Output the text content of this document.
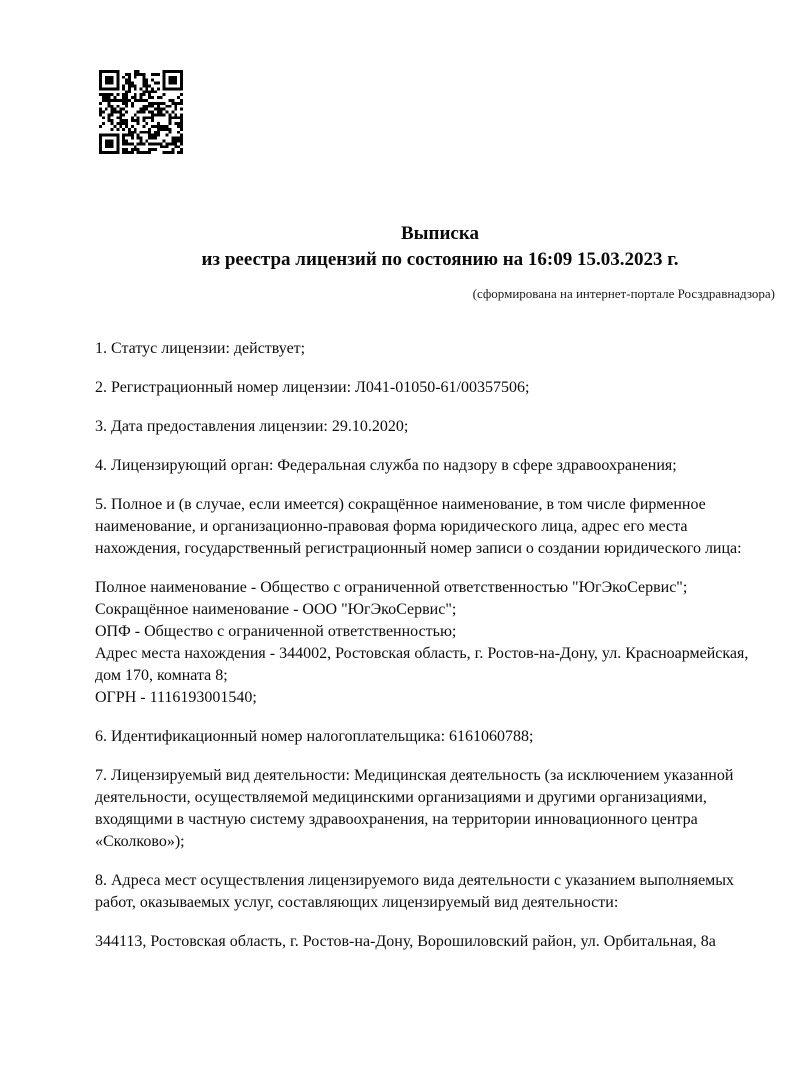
Выписка
из реестра лицензий по состоянию на 16:09 15.03.2023 г.
(сформирована на интернет-портале Росздравнадзора)

1. Статус лицензии: действует;

2. Регистрационный номер лицензии: Л041-01050-61/00357506;

3. Дата предоставления лицензии: 29.10.2020;

4. Лицензирующий орган: Федеральная служба по надзору в сфере здравоохранения;

5. Полное и (в случае, если имеется) сокращённое наименование, в том числе фирменное
наименование, и организационно-правовая форма юридического лица, адрес его места
нахождения, государственный регистрационный номер записи о создании юридического лица:

Полное наименование - Общество с ограниченной ответственностью "ЮгЭкоСервис";
Сокращённое наименование - ООО "ЮгЭкоСервис";
ОПФ - Общество с ограниченной ответственностью;
Адрес места нахождения - 344002, Ростовская область, г. Ростов-на-Дону, ул. Красноармейская,
дом 170, комната 8;
ОГРН - 1116193001540;

6. Идентификационный номер налогоплательщика: 6161060788;

7. Лицензируемый вид деятельности: Медицинская деятельность (за исключением указанной
деятельности, осуществляемой медицинскими организациями и другими организациями,
входящими в частную систему здравоохранения, на территории инновационного центра
«Сколково»);

8. Адреса мест осуществления лицензируемого вида деятельности с указанием выполняемых
работ, оказываемых услуг, составляющих лицензируемый вид деятельности:

344113, Ростовская область, г. Ростов-на-Дону, Ворошиловский район, ул. Орбитальная, 8а
